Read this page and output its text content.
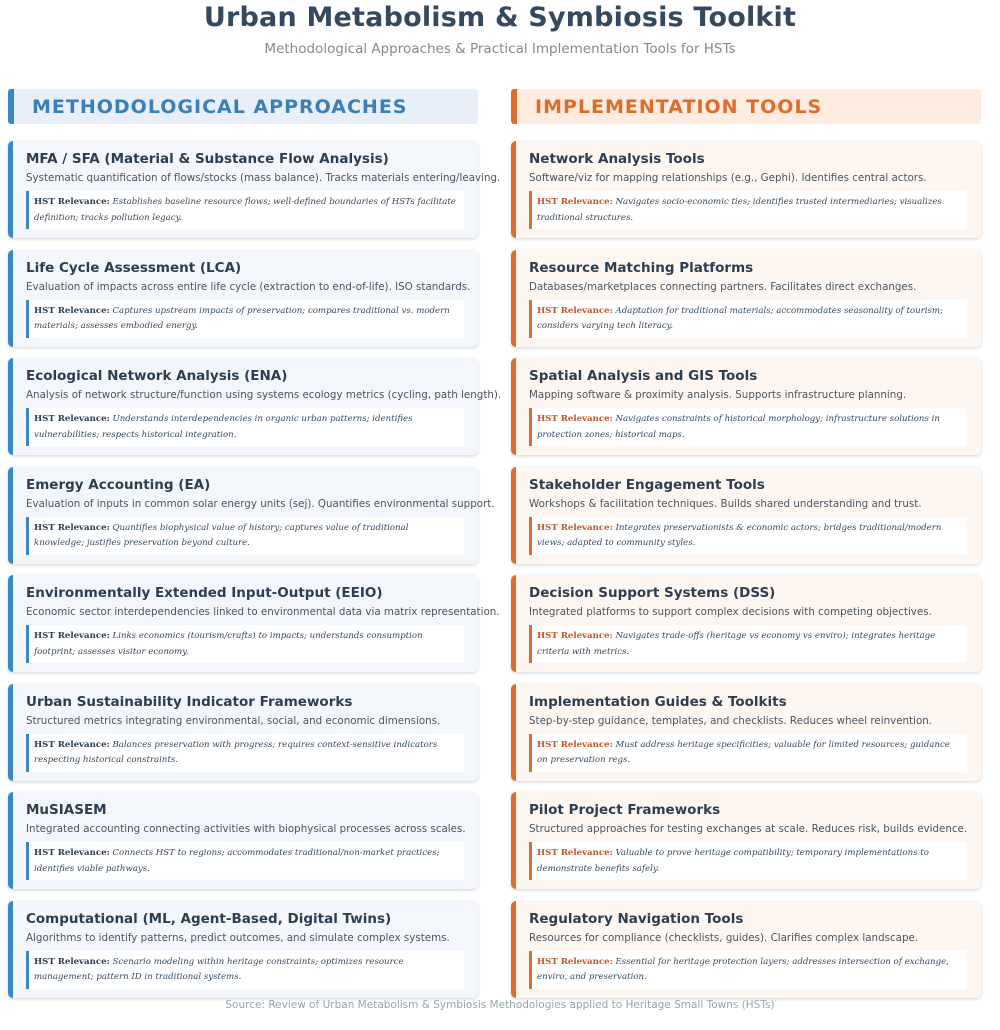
Urban Metabolism & Symbiosis Toolkit
Methodological Approaches & Practical Implementation Tools for HSTs
METHODOLOGICAL APPROACHES
MFA / SFA (Material & Substance Flow Analysis)
Systematic quantification of flows/stocks (mass balance). Tracks materials entering/leaving.
HST Relevance: Establishes baseline resource flows; well-defined boundaries of HSTs facilitate definition; tracks pollution legacy.
Life Cycle Assessment (LCA)
Evaluation of impacts across entire life cycle (extraction to end-of-life). ISO standards.
HST Relevance: Captures upstream impacts of preservation; compares traditional vs. modern materials; assesses embodied energy.
Ecological Network Analysis (ENA)
Analysis of network structure/function using systems ecology metrics (cycling, path length).
HST Relevance: Understands interdependencies in organic urban patterns; identifies vulnerabilities; respects historical integration.
Emergy Accounting (EA)
Evaluation of inputs in common solar energy units (sej). Quantifies environmental support.
HST Relevance: Quantifies biophysical value of history; captures value of traditional knowledge; justifies preservation beyond culture.
Environmentally Extended Input-Output (EEIO)
Economic sector interdependencies linked to environmental data via matrix representation.
HST Relevance: Links economics (tourism/crafts) to impacts; understands consumption footprint; assesses visitor economy.
Urban Sustainability Indicator Frameworks
Structured metrics integrating environmental, social, and economic dimensions.
HST Relevance: Balances preservation with progress; requires context-sensitive indicators respecting historical constraints.
MuSIASEM
Integrated accounting connecting activities with biophysical processes across scales.
HST Relevance: Connects HST to regions; accommodates traditional/non-market practices; identifies viable pathways.
Computational (ML, Agent-Based, Digital Twins)
Algorithms to identify patterns, predict outcomes, and simulate complex systems.
HST Relevance: Scenario modeling within heritage constraints; optimizes resource management; pattern ID in traditional systems.
IMPLEMENTATION TOOLS
Network Analysis Tools
Software/viz for mapping relationships (e.g., Gephi). Identifies central actors.
HST Relevance: Navigates socio-economic ties; identifies trusted intermediaries; visualizes traditional structures.
Resource Matching Platforms
Databases/marketplaces connecting partners. Facilitates direct exchanges.
HST Relevance: Adaptation for traditional materials; accommodates seasonality of tourism; considers varying tech literacy.
Spatial Analysis and GIS Tools
Mapping software & proximity analysis. Supports infrastructure planning.
HST Relevance: Navigates constraints of historical morphology; infrastructure solutions in protection zones; historical maps.
Stakeholder Engagement Tools
Workshops & facilitation techniques. Builds shared understanding and trust.
HST Relevance: Integrates preservationists & economic actors; bridges traditional/modern views; adapted to community styles.
Decision Support Systems (DSS)
Integrated platforms to support complex decisions with competing objectives.
HST Relevance: Navigates trade-offs (heritage vs economy vs enviro); integrates heritage criteria with metrics.
Implementation Guides & Toolkits
Step-by-step guidance, templates, and checklists. Reduces wheel reinvention.
HST Relevance: Must address heritage specificities; valuable for limited resources; guidance on preservation regs.
Pilot Project Frameworks
Structured approaches for testing exchanges at scale. Reduces risk, builds evidence.
HST Relevance: Valuable to prove heritage compatibility; temporary implementations to demonstrate benefits safely.
Regulatory Navigation Tools
Resources for compliance (checklists, guides). Clarifies complex landscape.
HST Relevance: Essential for heritage protection layers; addresses intersection of exchange, enviro, and preservation.
Source: Review of Urban Metabolism & Symbiosis Methodologies applied to Heritage Small Towns (HSTs)
